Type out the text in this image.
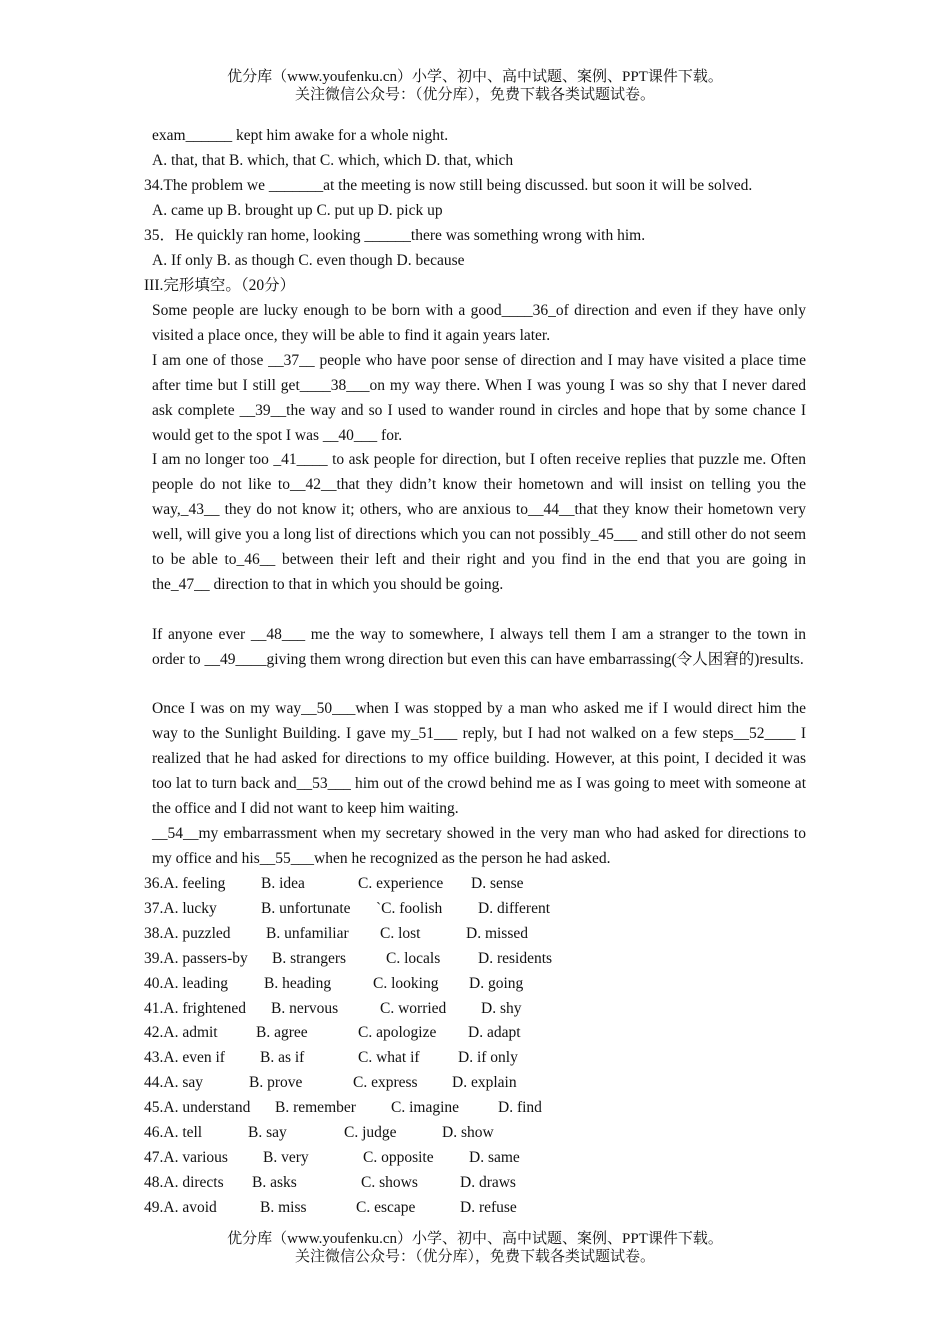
优分库（www.youfenku.cn）小学、初中、高中试题、案例、PPT课件下载。
关注微信公众号：（优分库），免费下载各类试题试卷。
exam______ kept him awake for a whole night.
A. that, that B. which, that C. which, which D. that, which
34.The problem we _______at the meeting is now still being discussed. but soon it will be solved.
A. came up B. brought up C. put up D. pick up
35．He quickly ran home, looking ______there was something wrong with him.
A. If only B. as though C. even though D. because
III.完形填空。（20分）
Some people are lucky enough to be born with a good____36_of direction and even if they have only visited a place once, they will be able to find it again years later.
I am one of those __37__ people who have poor sense of direction and I may have visited a place time after time but I still get____38___on my way there. When I was young I was so shy that I never dared ask complete __39__the way and so I used to wander round in circles and hope that by some chance I would get to the spot I was __40___ for.
I am no longer too _41____ to ask people for direction, but I often receive replies that puzzle me. Often people do not like to__42__that they didn’t know their hometown and will insist on telling you the way,_43__ they do not know it; others, who are anxious to__44__that they know their hometown very well, will give you a long list of directions which you can not possibly_45___ and still other do not seem to be able to_46__ between their left and their right and you find in the end that you are going in the_47__ direction to that in which you should be going.
If anyone ever __48___ me the way to somewhere, I always tell them I am a stranger to the town in order to __49____giving them wrong direction but even this can have embarrassing(令人困窘的)results.
Once I was on my way__50___when I was stopped by a man who asked me if I would direct him the way to the Sunlight Building. I gave my_51___ reply, but I had not walked on a few steps__52____ I realized that he had asked for directions to my office building. However, at this point, I decided it was too lat to turn back and__53___ him out of the crowd behind me as I was going to meet with someone at the office and I did not want to keep him waiting.
__54__my embarrassment when my secretary showed in the very man who had asked for directions to my office and his__55___when he recognized as the person he had asked.
36.A. feeling B. idea	C. experience D. sense
37.A. lucky	B. unfortunate `C. foolish D. different
38.A. puzzled B. unfamiliar C. lost	D. missed
39.A. passers-by B. strangers	C. locals D. residents
40.A. leading B. heading	C. looking D. going
41.A. frightened B. nervous	C. worried D. shy
42.A. admit B. agree	C. apologize D. adapt
43.A. even if B. as if	C. what if D. if only
44.A. say	B. prove	C. express D. explain
45.A. understand B. remember C. imagine	D. find
46.A. tell	B. say	C. judge	D. show
47.A. various B. very	C. opposite D. same
48.A. directs B. asks	C. shows	D. draws
49.A. avoid	B. miss	C. escape	D. refuse
优分库（www.youfenku.cn）小学、初中、高中试题、案例、PPT课件下载。
关注微信公众号：（优分库），免费下载各类试题试卷。
